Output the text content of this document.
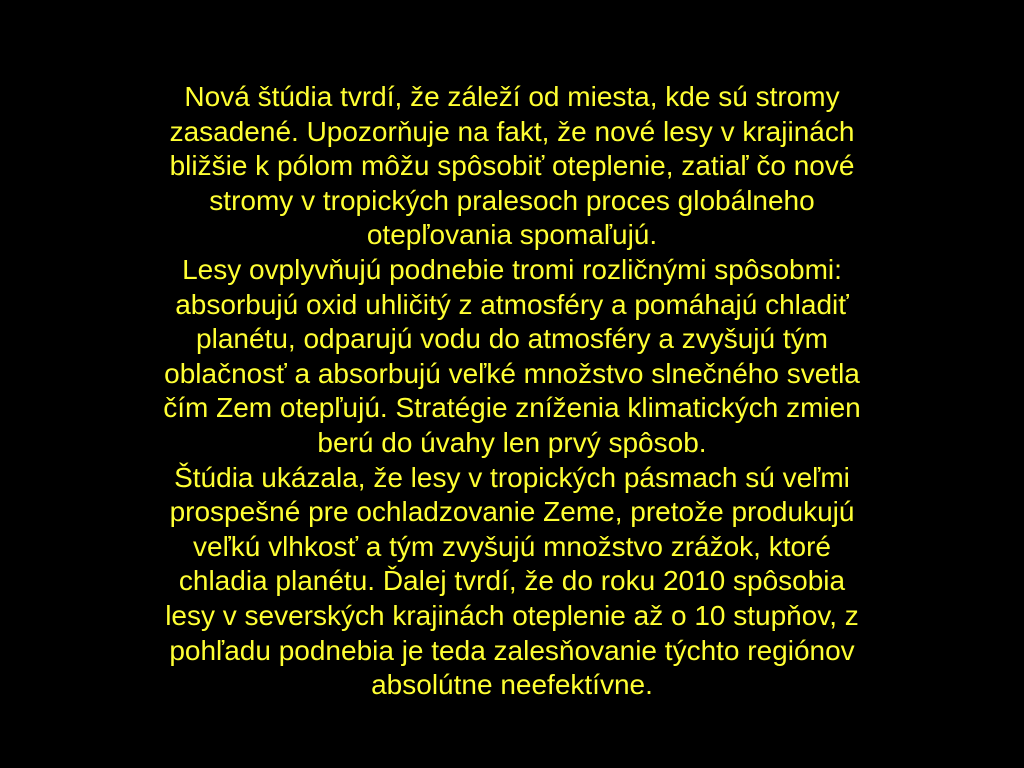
Nová štúdia tvrdí, že záleží od miesta, kde sú stromy
zasadené. Upozorňuje na fakt, že nové lesy v krajinách
bližšie k pólom môžu spôsobiť oteplenie, zatiaľ čo nové
stromy v tropických pralesoch proces globálneho
otepľovania spomaľujú.

Lesy ovplyvňujú podnebie tromi rozličnými spôsobmi:
absorbujú oxid uhličitý z atmosféry a pomáhajú chladiť
planétu, odparujú vodu do atmosféry a zvyšujú tým
oblačnosť a absorbujú veľké množstvo slnečného svetla
čím Zem otepľujú. Stratégie zníženia klimatických zmien
berú do úvahy len prvý spôsob.

Štúdia ukázala, že lesy v tropických pásmach sú veľmi
prospešné pre ochladzovanie Zeme, pretože produkujú
veľkú vlhkosť a tým zvyšujú množstvo zrážok, ktoré
chladia planétu. Ďalej tvrdí, že do roku 2010 spôsobia
lesy v severských krajinách oteplenie až o 10 stupňov, z
pohľadu podnebia je teda zalesňovanie týchto regiónov
absolútne neefektívne.
